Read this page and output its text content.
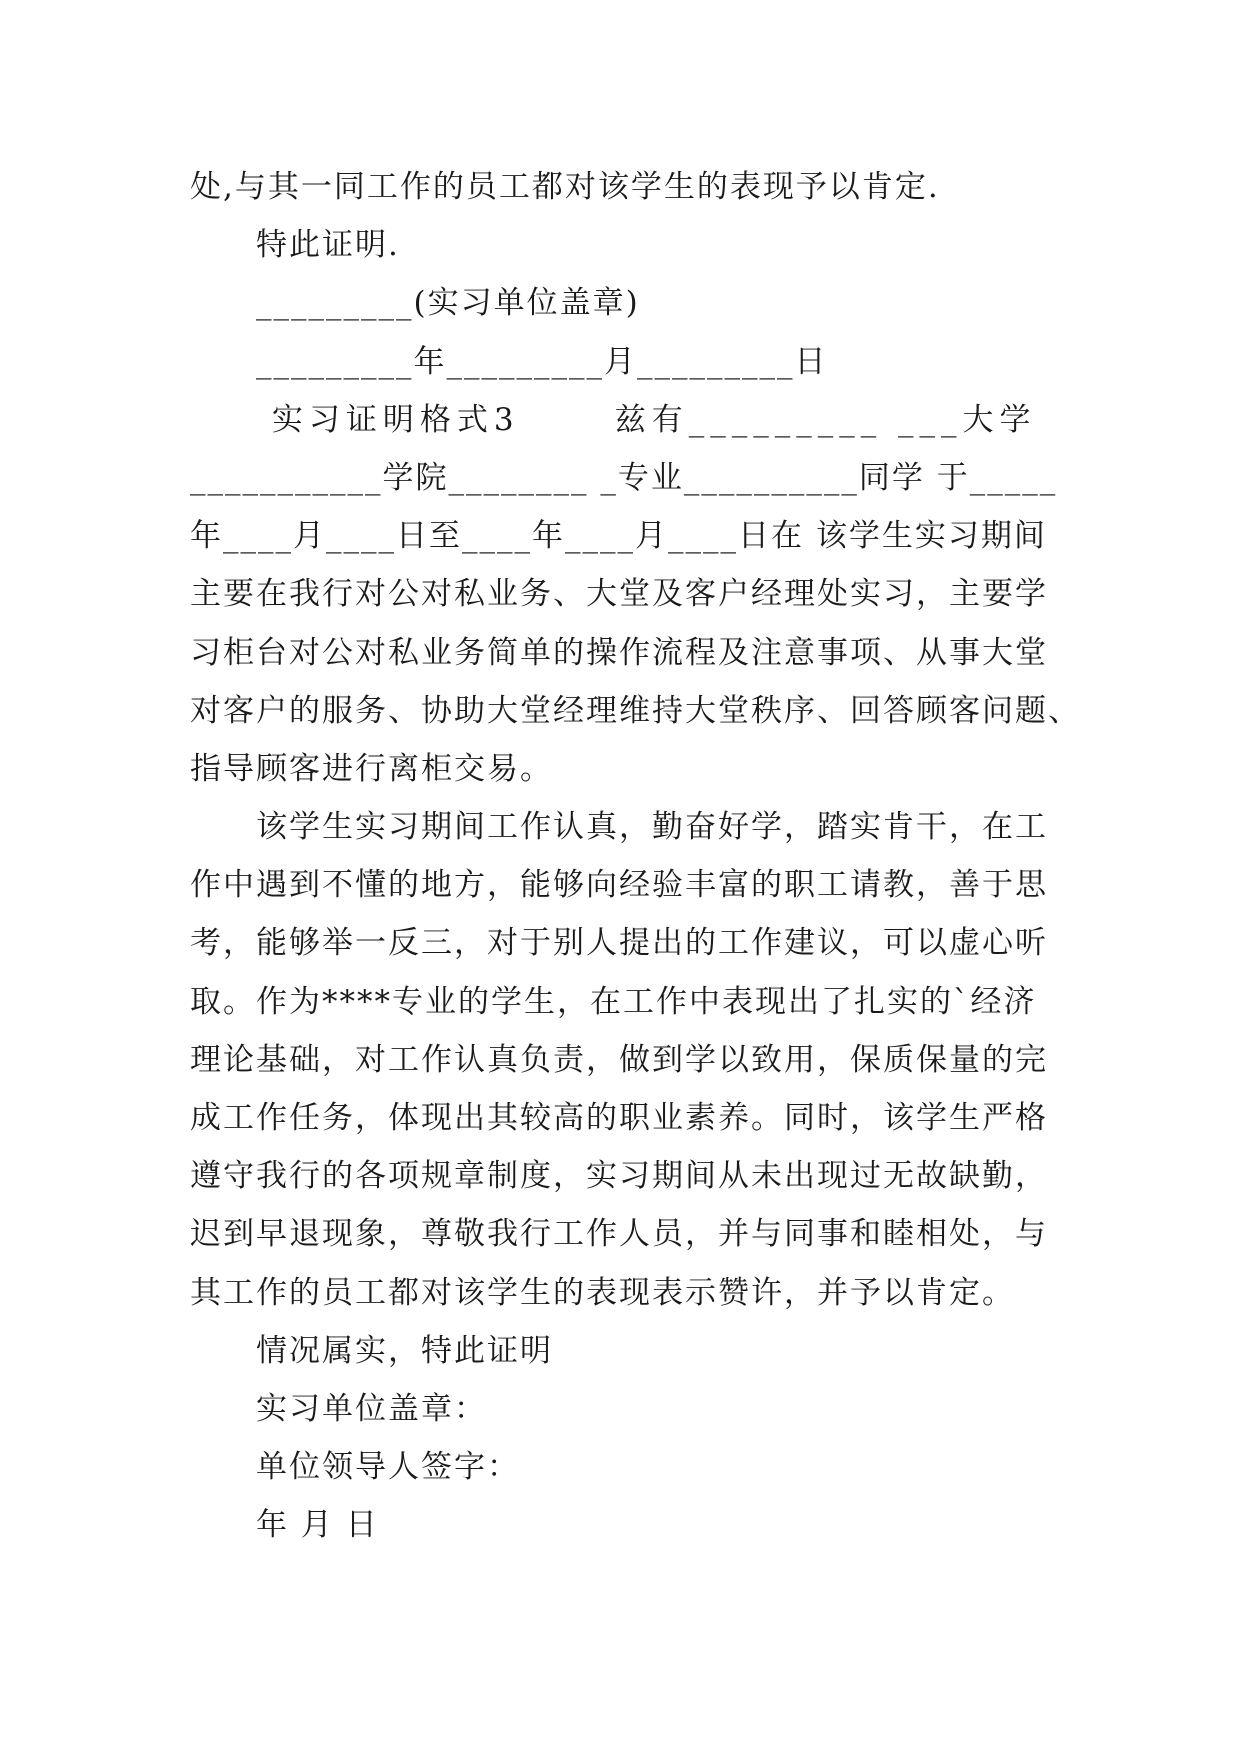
处,与其一同工作的员工都对该学生的表现予以肯定.
特此证明.
_________(实习单位盖章)
_________年_________月_________日
实习证明格式3      兹有_________ ___大学
___________学院________ _专业__________同学 于_____
年____月____日至____年____月____日在 该学生实习期间
主要在我行对公对私业务、大堂及客户经理处实习，主要学
习柜台对公对私业务简单的操作流程及注意事项、从事大堂
对客户的服务、协助大堂经理维持大堂秩序、回答顾客问题、
指导顾客进行离柜交易。
该学生实习期间工作认真，勤奋好学，踏实肯干，在工
作中遇到不懂的地方，能够向经验丰富的职工请教，善于思
考，能够举一反三，对于别人提出的工作建议，可以虚心听
取。作为****专业的学生，在工作中表现出了扎实的`经济
理论基础，对工作认真负责，做到学以致用，保质保量的完
成工作任务，体现出其较高的职业素养。同时，该学生严格
遵守我行的各项规章制度，实习期间从未出现过无故缺勤，
迟到早退现象，尊敬我行工作人员，并与同事和睦相处，与
其工作的员工都对该学生的表现表示赞许，并予以肯定。
情况属实，特此证明
实习单位盖章：
单位领导人签字：
年 月 日
